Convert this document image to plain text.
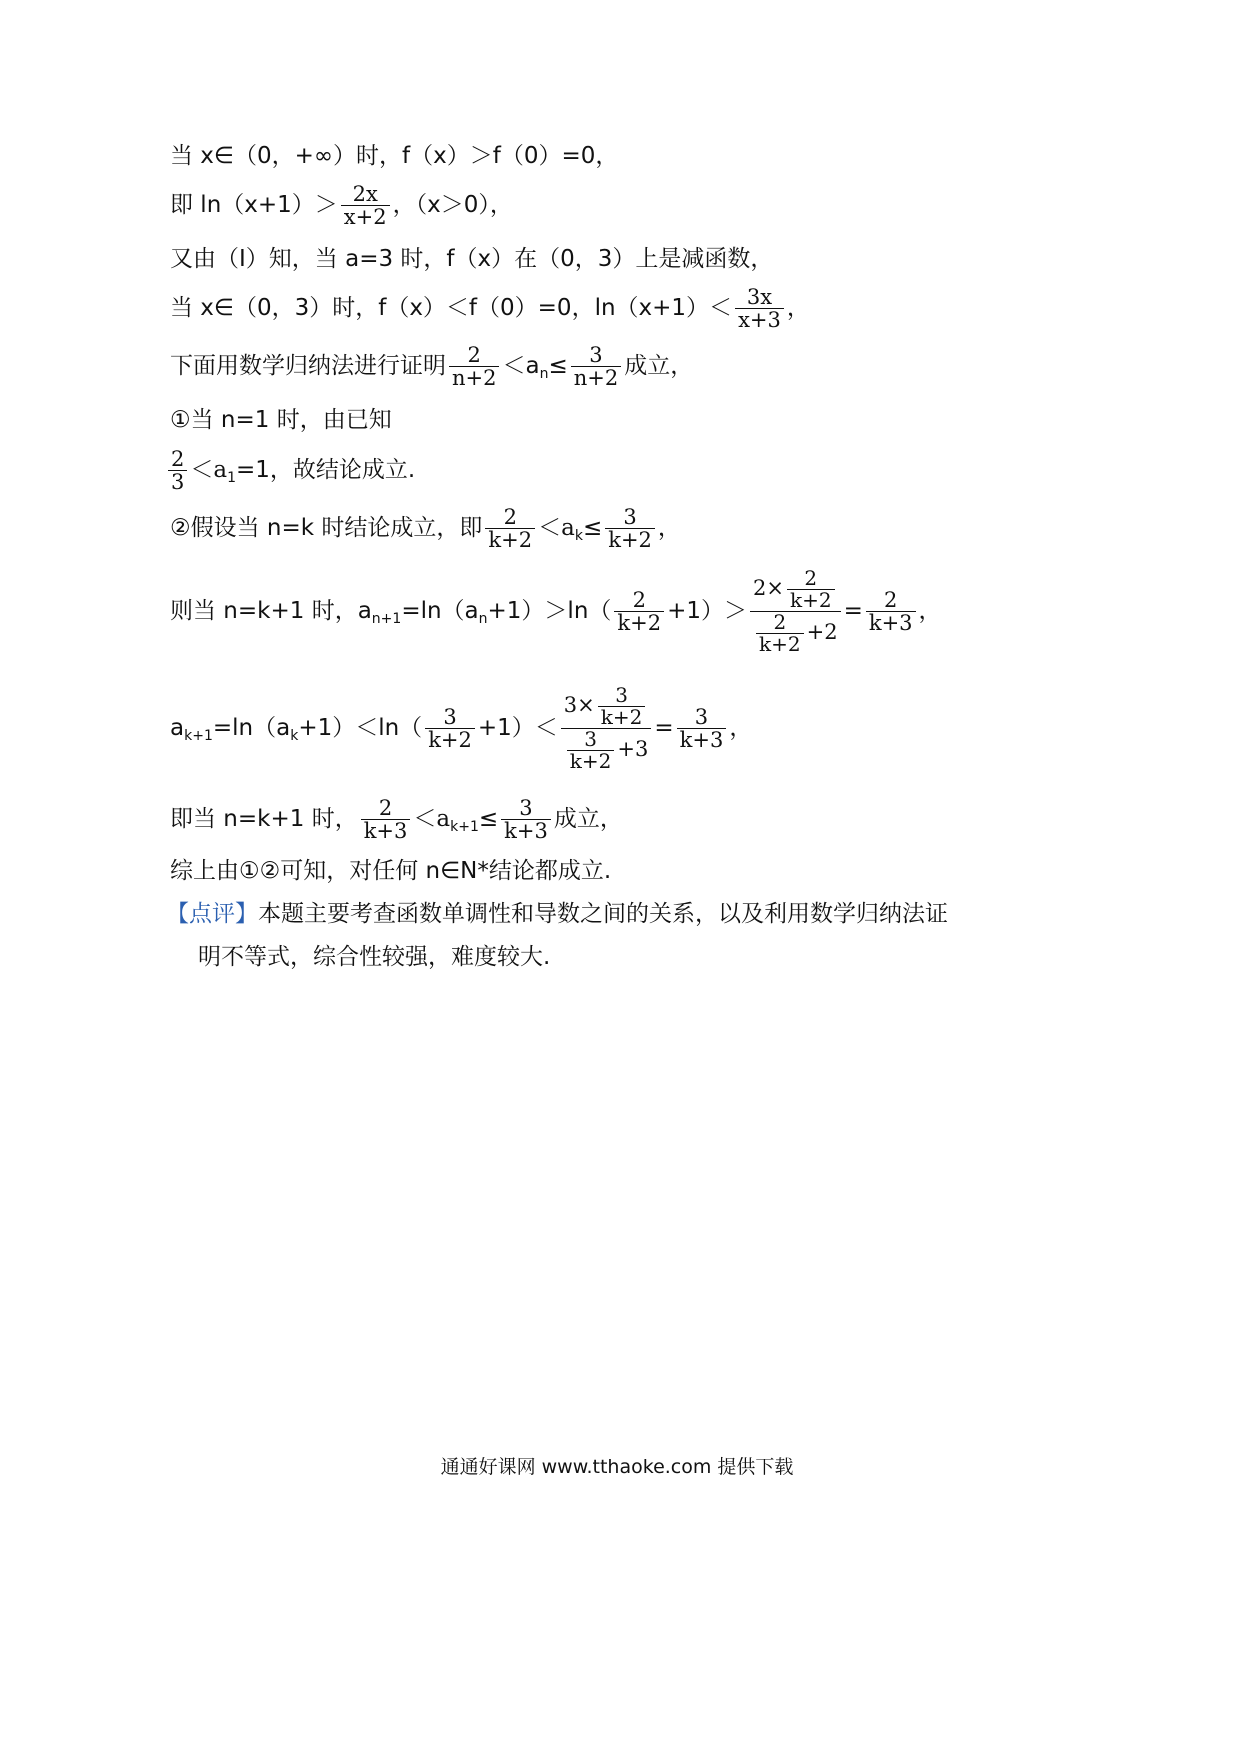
当 x∈（0，+∞）时，f（x）＞f（0）=0，
即 $\ln(x+1)> \frac{2x}{x+2}$ ，（x＞0），
又由（Ⅰ）知，当 a=3 时，f（x）在（0，3）上是减函数，
当 x∈（0，3）时，f（x）＜f（0）=0，$\ln(x+1)< \frac{3x}{x+3}$ ，
下面用数学归纳法进行证明 $\frac{2}{n+2} <a_n\le \frac{3}{n+2}$ 成立，
①当 n=1 时，由已知
$\frac{2}{3} <a_1=1$，故结论成立.
②假设当 n=k 时结论成立，即 $\frac{2}{k+2} <a_k\le \frac{3}{k+2}$ ，
则当 n=k+1 时，$a_{n+1}=\ln(a_n+1)>\ln( \frac{2}{k+2} +1)> \frac{2\times \frac{2}{k+2}}{\frac{2}{k+2} +2} = \frac{2}{k+3}$ ，
$a_{k+1}=\ln(a_k+1)<\ln( \frac{3}{k+2} +1)< \frac{3\times \frac{3}{k+2}}{\frac{3}{k+2} +3} = \frac{3}{k+3}$ ，
即当 n=k+1 时， $\frac{2}{k+3} <a_{k+1}\le \frac{3}{k+3}$ 成立，
综上由①②可知，对任何 n∈N*结论都成立.
【点评】本题主要考查函数单调性和导数之间的关系，以及利用数学归纳法证
明不等式，综合性较强，难度较大.
通通好课网 www.tthaoke.com 提供下载
